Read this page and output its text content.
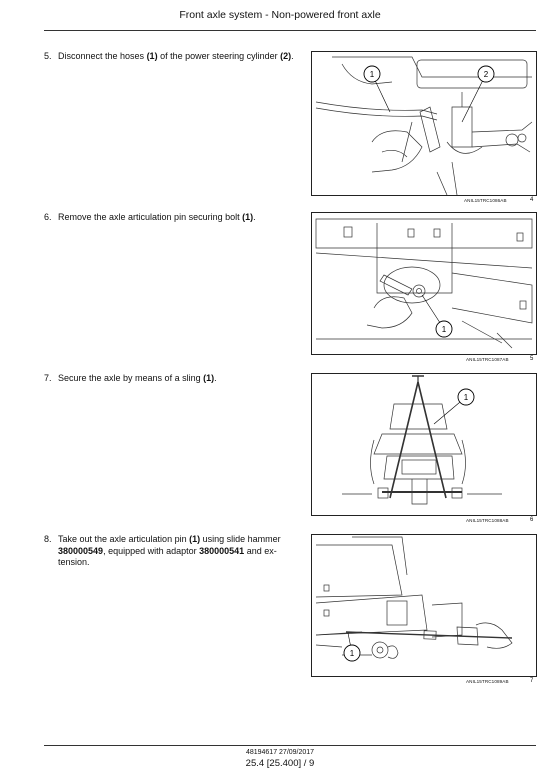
Front axle system - Non-powered front axle
5. Disconnect the hoses (1) of the power steering cylinder (2).
1	2
ANIL15TRC1086AB	4
6. Remove the axle articulation pin securing bolt (1).
1
ANIL15TRC1087AB	5
7. Secure the axle by means of a sling (1).
1
ANIL15TRC1088AB	6
8. Take out the axle articulation pin (1) using slide hammer 380000549, equipped with adaptor 380000541 and ex-tension.
1
ANIL15TRC1089AB	7
48194617 27/09/2017
25.4 [25.400] / 9
